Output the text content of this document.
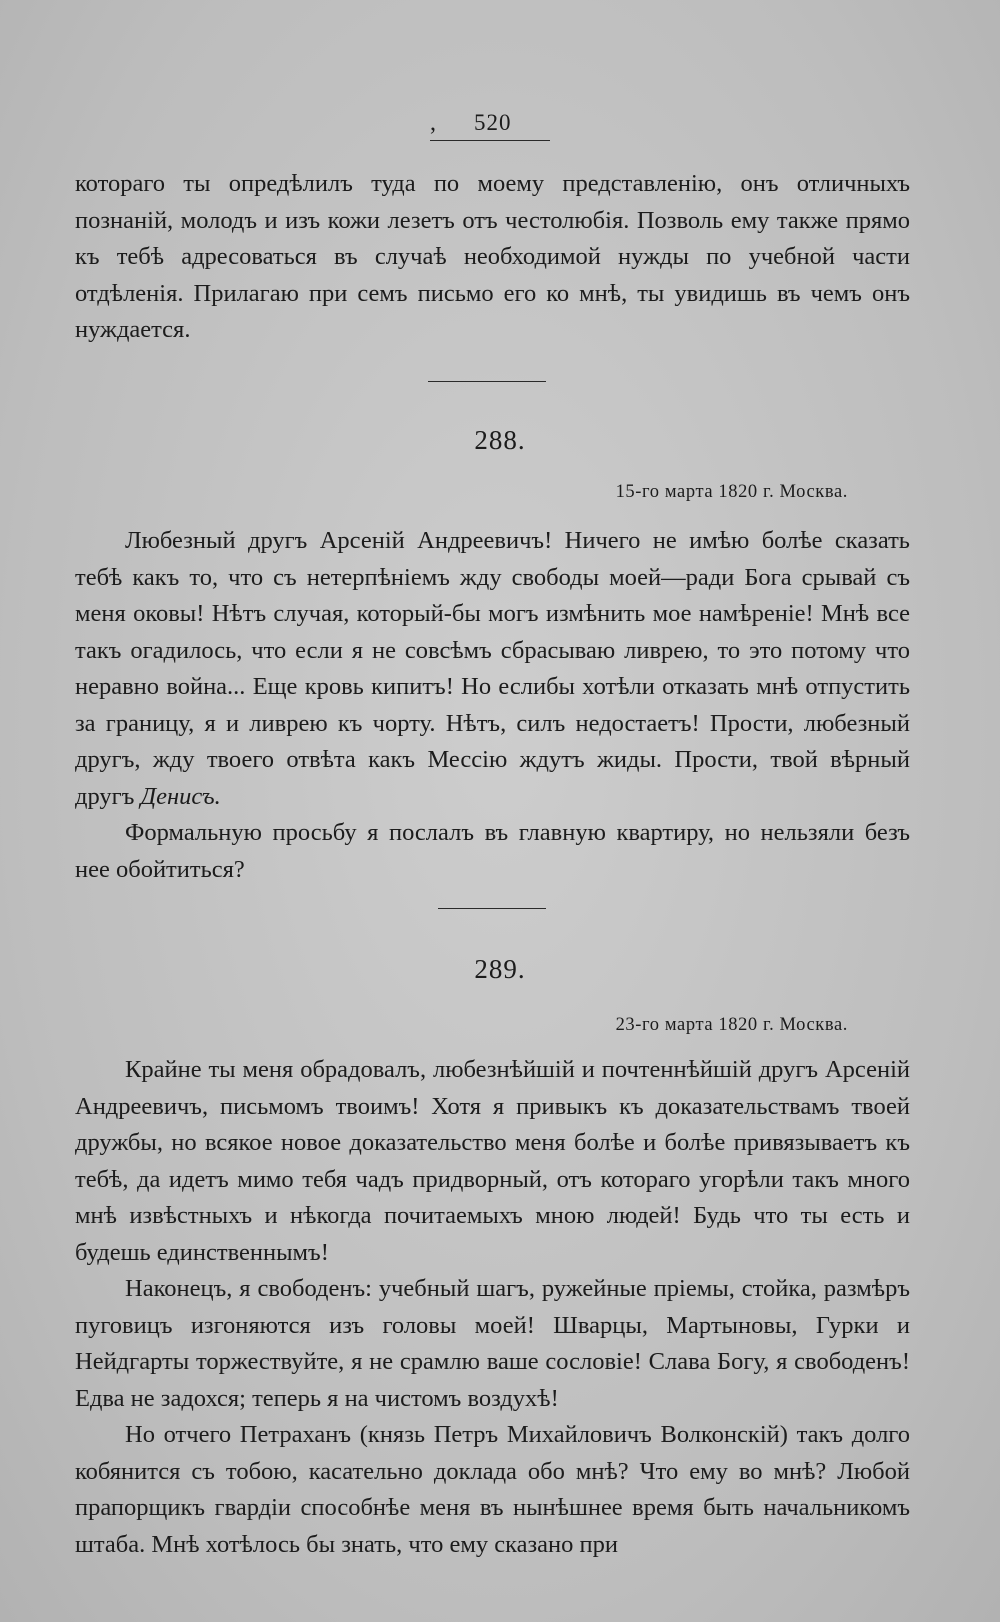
, 520

котораго ты опредѣлилъ туда по моему представленію, онъ отличныхъ познаній, молодъ и изъ кожи лезетъ отъ честолюбія. Позволь ему также прямо къ тебѣ адресоваться въ случаѣ необходимой нужды по учебной части отдѣленія. Прилагаю при семъ письмо его ко мнѣ, ты увидишь въ чемъ онъ нуждается.

288.
15-го марта 1820 г. Москва.

Любезный другъ Арсеній Андреевичъ! Ничего не имѣю болѣе сказать тебѣ какъ то, что съ нетерпѣніемъ жду свободы моей—ради Бога срывай съ меня оковы! Нѣтъ случая, который-бы могъ измѣнить мое намѣреніе! Мнѣ все такъ огадилось, что если я не совсѣмъ сбрасываю ливрею, то это потому что неравно война... Еще кровь кипитъ! Но еслибы хотѣли отказать мнѣ отпустить за границу, я и ливрею къ чорту. Нѣтъ, силъ недостаетъ! Прости, любезный другъ, жду твоего отвѣта какъ Мессію ждутъ жиды. Прости, твой вѣрный другъ Денисъ.

Формальную просьбу я послалъ въ главную квартиру, но нельзяли безъ нее обойтиться?

289.
23-го марта 1820 г. Москва.

Крайне ты меня обрадовалъ, любезнѣйшій и почтеннѣйшій другъ Арсеній Андреевичъ, письмомъ твоимъ! Хотя я привыкъ къ доказательствамъ твоей дружбы, но всякое новое доказательство меня болѣе и болѣе привязываетъ къ тебѣ, да идетъ мимо тебя чадъ придворный, отъ котораго угорѣли такъ много мнѣ извѣстныхъ и нѣкогда почитаемыхъ мною людей! Будь что ты есть и будешь единственнымъ!

Наконецъ, я свободенъ: учебный шагъ, ружейные пріемы, стойка, размѣръ пуговицъ изгоняются изъ головы моей! Шварцы, Мартыновы, Гурки и Нейдгарты торжествуйте, я не срамлю ваше сословіе! Слава Богу, я свободенъ! Едва не задохся; теперь я на чистомъ воздухѣ!

Но отчего Петраханъ (князь Петръ Михайловичъ Волконскій) такъ долго кобянится съ тобою, касательно доклада обо мнѣ? Что ему во мнѣ? Любой прапорщикъ гвардіи способнѣе меня въ нынѣшнее время быть начальникомъ штаба. Мнѣ хотѣлось бы знать, что ему сказано при
